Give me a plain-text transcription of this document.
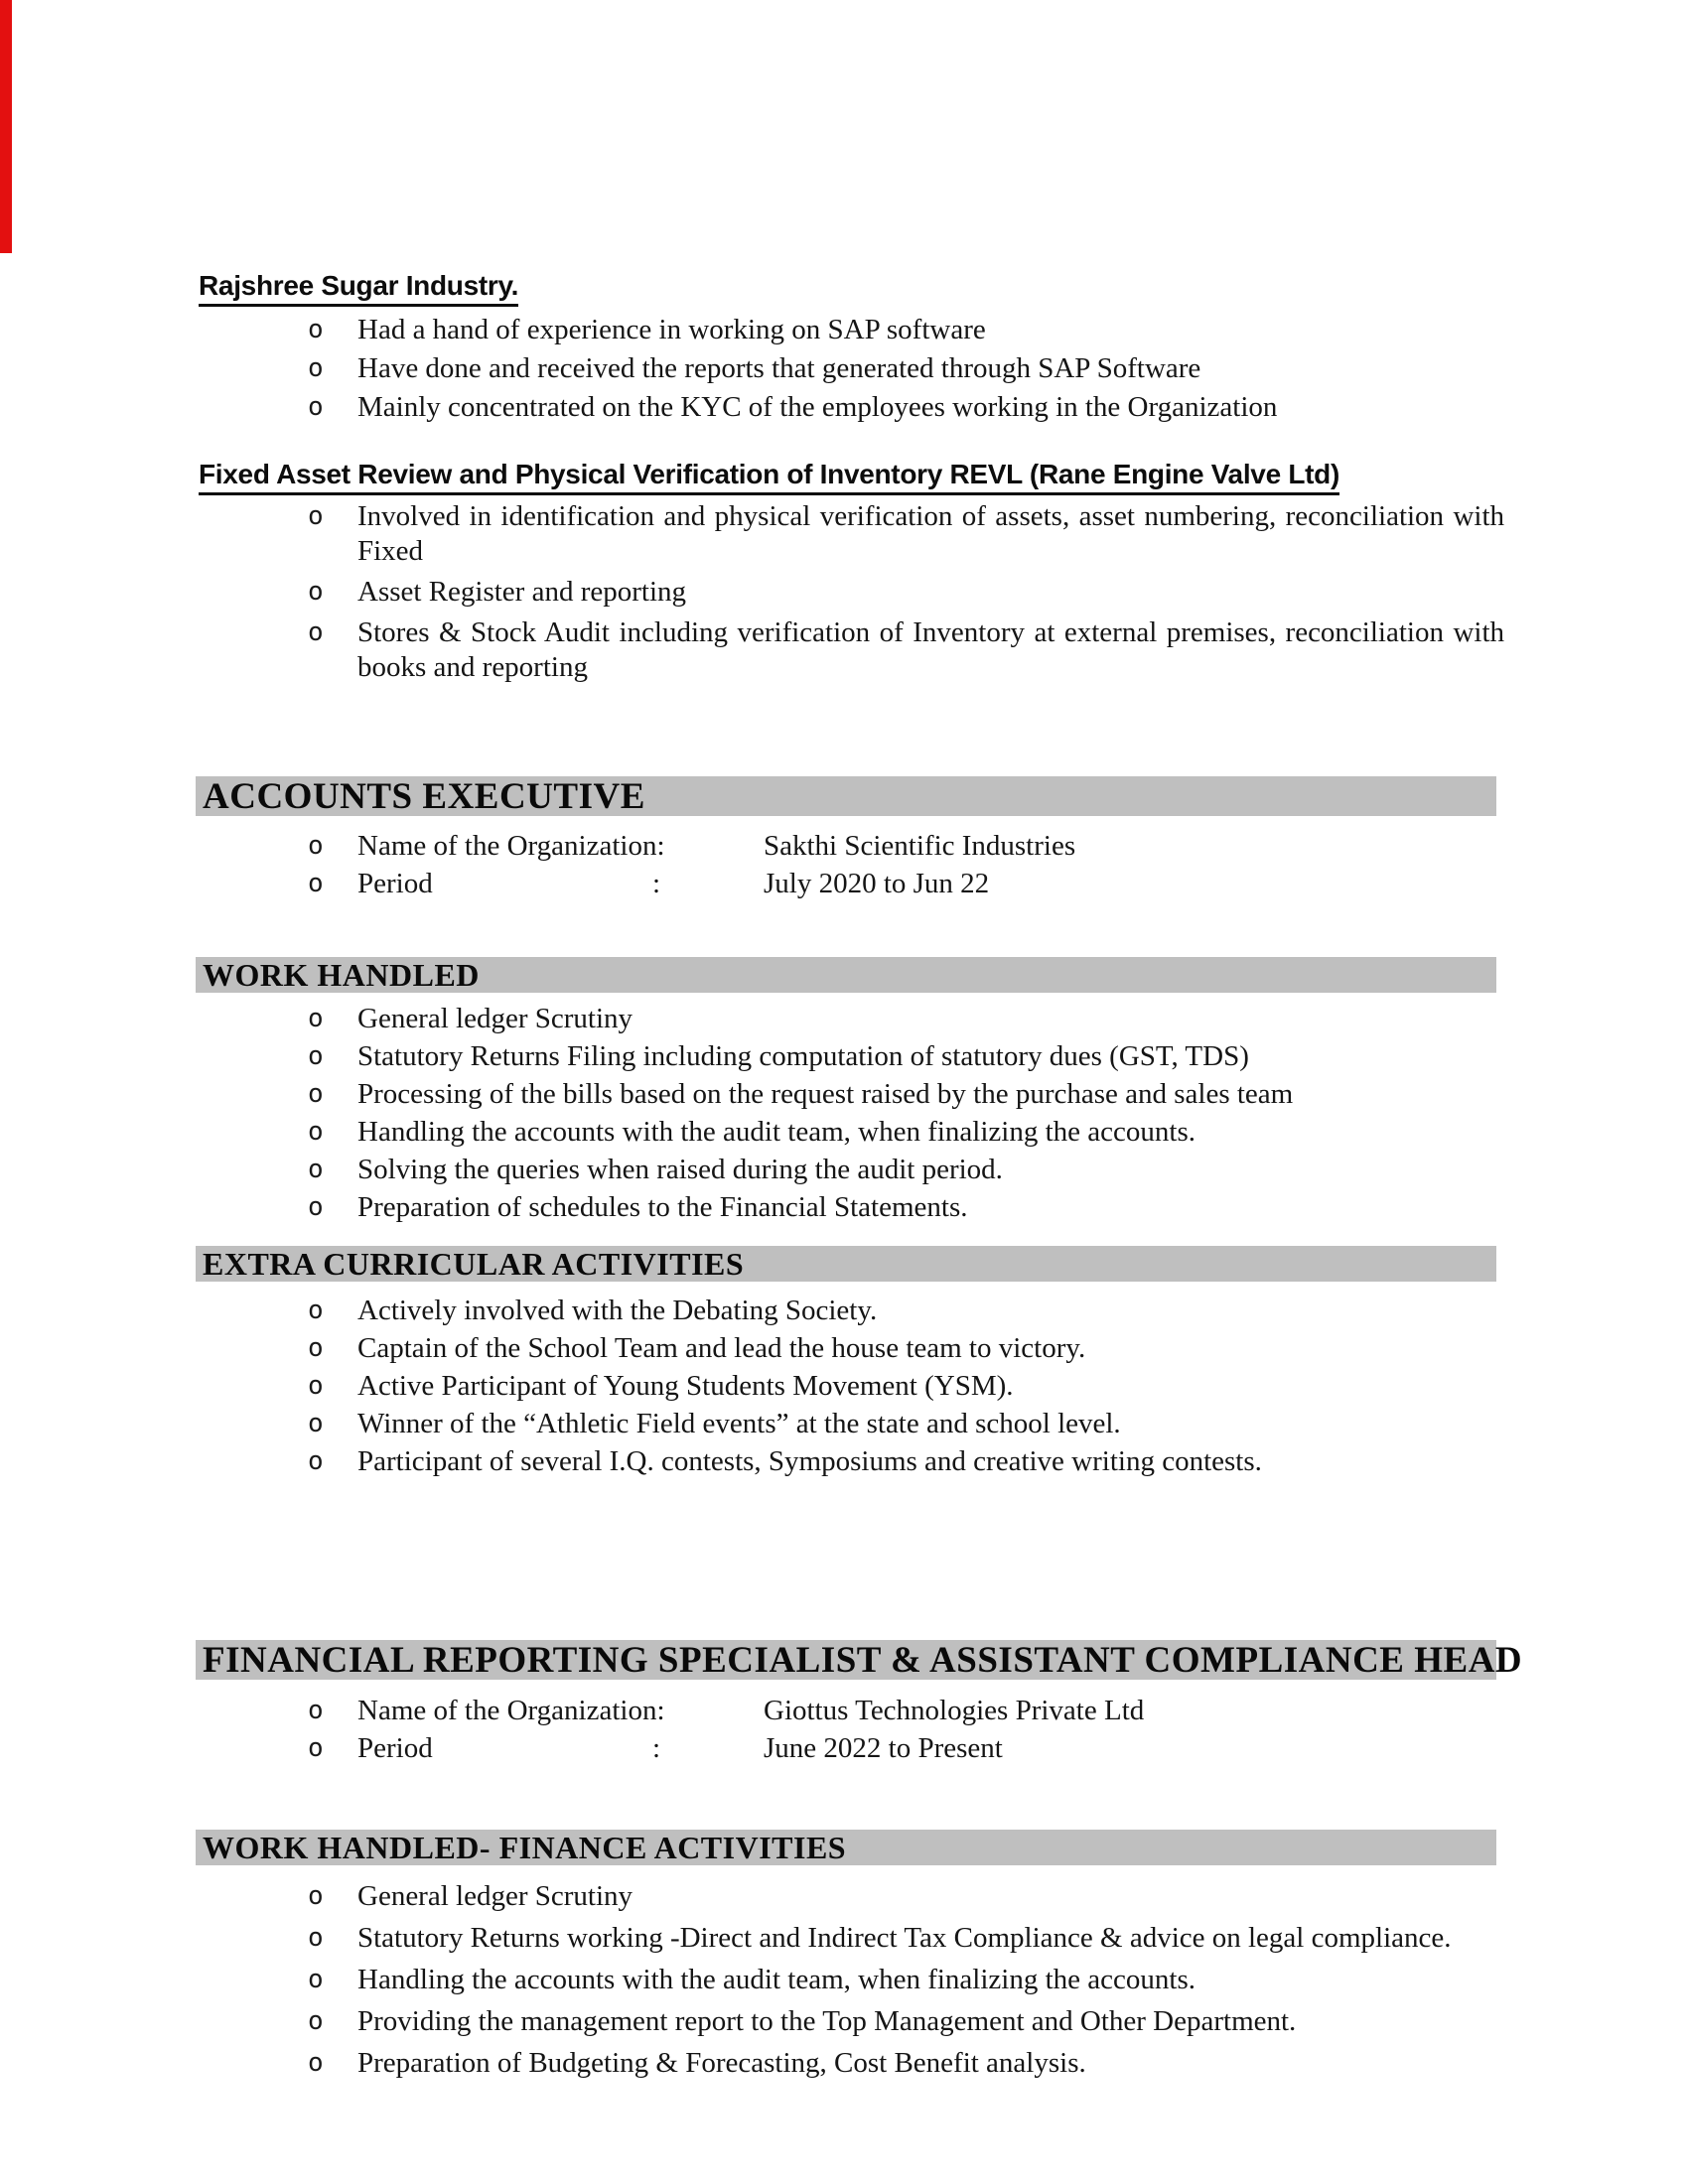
Rajshree Sugar Industry.
o	Had a hand of experience in working on SAP software
o	Have done and received the reports that generated through SAP Software
o	Mainly concentrated on the KYC of the employees working in the Organization
Fixed Asset Review and Physical Verification of Inventory REVL (Rane Engine Valve Ltd)
o	Involved in identification and physical verification of assets, asset numbering, reconciliation with Fixed
o	Asset Register and reporting
o	Stores & Stock Audit including verification of Inventory at external premises, reconciliation with books and reporting
ACCOUNTS EXECUTIVE
o	Name of the Organization:	Sakthi Scientific Industries
o	Period	:	July 2020 to Jun 22
WORK HANDLED
o	General ledger Scrutiny
o	Statutory Returns Filing including computation of statutory dues (GST, TDS)
o	Processing of the bills based on the request raised by the purchase and sales team
o	Handling the accounts with the audit team, when finalizing the accounts.
o	Solving the queries when raised during the audit period.
o	Preparation of schedules to the Financial Statements.
EXTRA CURRICULAR ACTIVITIES
o	Actively involved with the Debating Society.
o	Captain of the School Team and lead the house team to victory.
o	Active Participant of Young Students Movement (YSM).
o	Winner of the “Athletic Field events” at the state and school level.
o	Participant of several I.Q. contests, Symposiums and creative writing contests.
FINANCIAL REPORTING SPECIALIST & ASSISTANT COMPLIANCE HEAD
o	Name of the Organization:	Giottus Technologies Private Ltd
o	Period	:	June 2022 to Present
WORK HANDLED- FINANCE ACTIVITIES
o	General ledger Scrutiny
o	Statutory Returns working -Direct and Indirect Tax Compliance & advice on legal compliance.
o	Handling the accounts with the audit team, when finalizing the accounts.
o	Providing the management report to the Top Management and Other Department.
o	Preparation of Budgeting & Forecasting, Cost Benefit analysis.
